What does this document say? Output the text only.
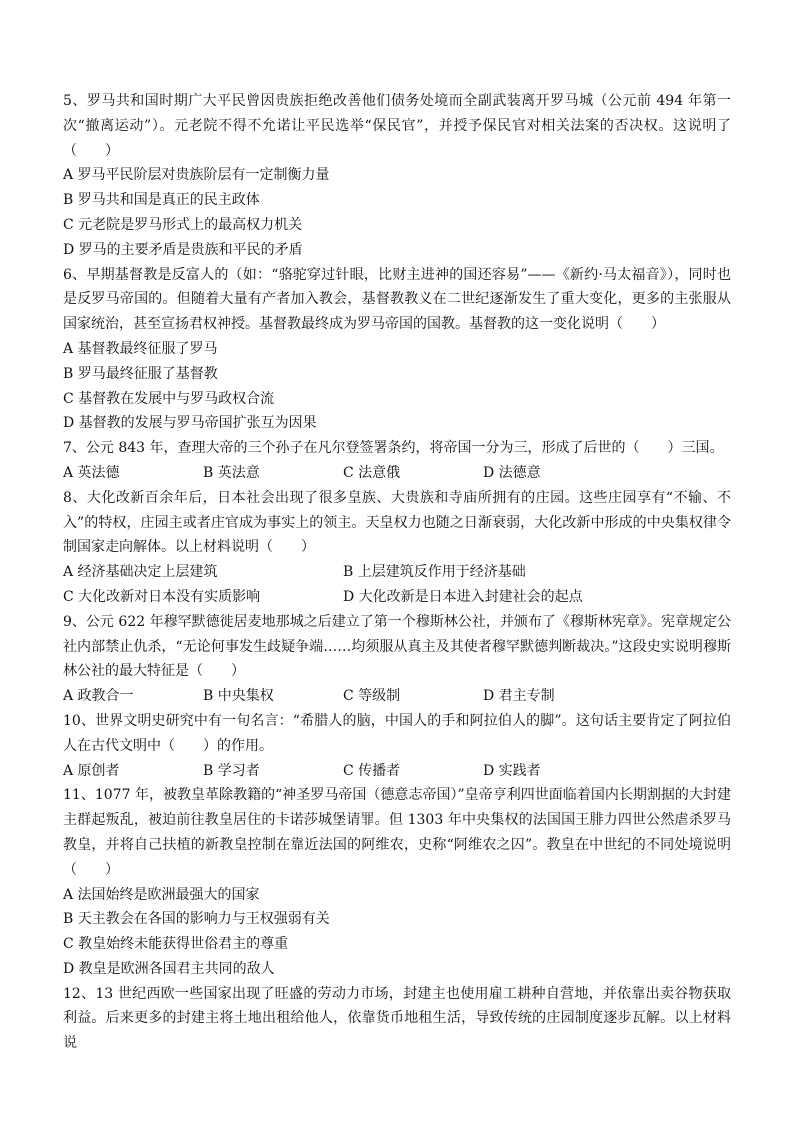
5、罗马共和国时期广大平民曾因贵族拒绝改善他们债务处境而全副武装离开罗马城（公元前 494 年第一次“撤离运动”）。元老院不得不允诺让平民选举“保民官”，并授予保民官对相关法案的否决权。这说明了（　　）
A 罗马平民阶层对贵族阶层有一定制衡力量
B 罗马共和国是真正的民主政体
C 元老院是罗马形式上的最高权力机关
D 罗马的主要矛盾是贵族和平民的矛盾
6、早期基督教是反富人的（如：“骆驼穿过针眼，比财主进神的国还容易”——《新约·马太福音》），同时也是反罗马帝国的。但随着大量有产者加入教会，基督教教义在二世纪逐渐发生了重大变化，更多的主张服从国家统治，甚至宣扬君权神授。基督教最终成为罗马帝国的国教。基督教的这一变化说明（　　）
A 基督教最终征服了罗马
B 罗马最终征服了基督教
C 基督教在发展中与罗马政权合流
D 基督教的发展与罗马帝国扩张互为因果
7、公元 843 年，查理大帝的三个孙子在凡尔登签署条约，将帝国一分为三，形成了后世的（　　）三国。
A 英法德	B 英法意	C 法意俄	D 法德意
8、大化改新百余年后，日本社会出现了很多皇族、大贵族和寺庙所拥有的庄园。这些庄园享有“不输、不入”的特权，庄园主或者庄官成为事实上的领主。天皇权力也随之日渐衰弱，大化改新中形成的中央集权律令制国家走向解体。以上材料说明（　　）
A 经济基础决定上层建筑	B 上层建筑反作用于经济基础
C 大化改新对日本没有实质影响	D 大化改新是日本进入封建社会的起点
9、公元 622 年穆罕默德徙居麦地那城之后建立了第一个穆斯林公社，并颁布了《穆斯林宪章》。宪章规定公社内部禁止仇杀，“无论何事发生歧疑争端……均须服从真主及其使者穆罕默德判断裁决。”这段史实说明穆斯林公社的最大特征是（　　）
A 政教合一	B 中央集权	C 等级制	D 君主专制
10、世界文明史研究中有一句名言：“希腊人的脑，中国人的手和阿拉伯人的脚”。这句话主要肯定了阿拉伯人在古代文明中（　　）的作用。
A 原创者	B 学习者	C 传播者	D 实践者
11、1077 年，被教皇革除教籍的“神圣罗马帝国（德意志帝国）”皇帝亨利四世面临着国内长期割据的大封建主群起叛乱，被迫前往教皇居住的卡诺莎城堡请罪。但 1303 年中央集权的法国国王腓力四世公然虐杀罗马教皇，并将自己扶植的新教皇控制在靠近法国的阿维农，史称“阿维农之囚”。教皇在中世纪的不同处境说明（　　）
A 法国始终是欧洲最强大的国家
B 天主教会在各国的影响力与王权强弱有关
C 教皇始终未能获得世俗君主的尊重
D 教皇是欧洲各国君主共同的敌人
12、13 世纪西欧一些国家出现了旺盛的劳动力市场，封建主也使用雇工耕种自营地，并依靠出卖谷物获取利益。后来更多的封建主将土地出租给他人，依靠货币地租生活，导致传统的庄园制度逐步瓦解。以上材料说
